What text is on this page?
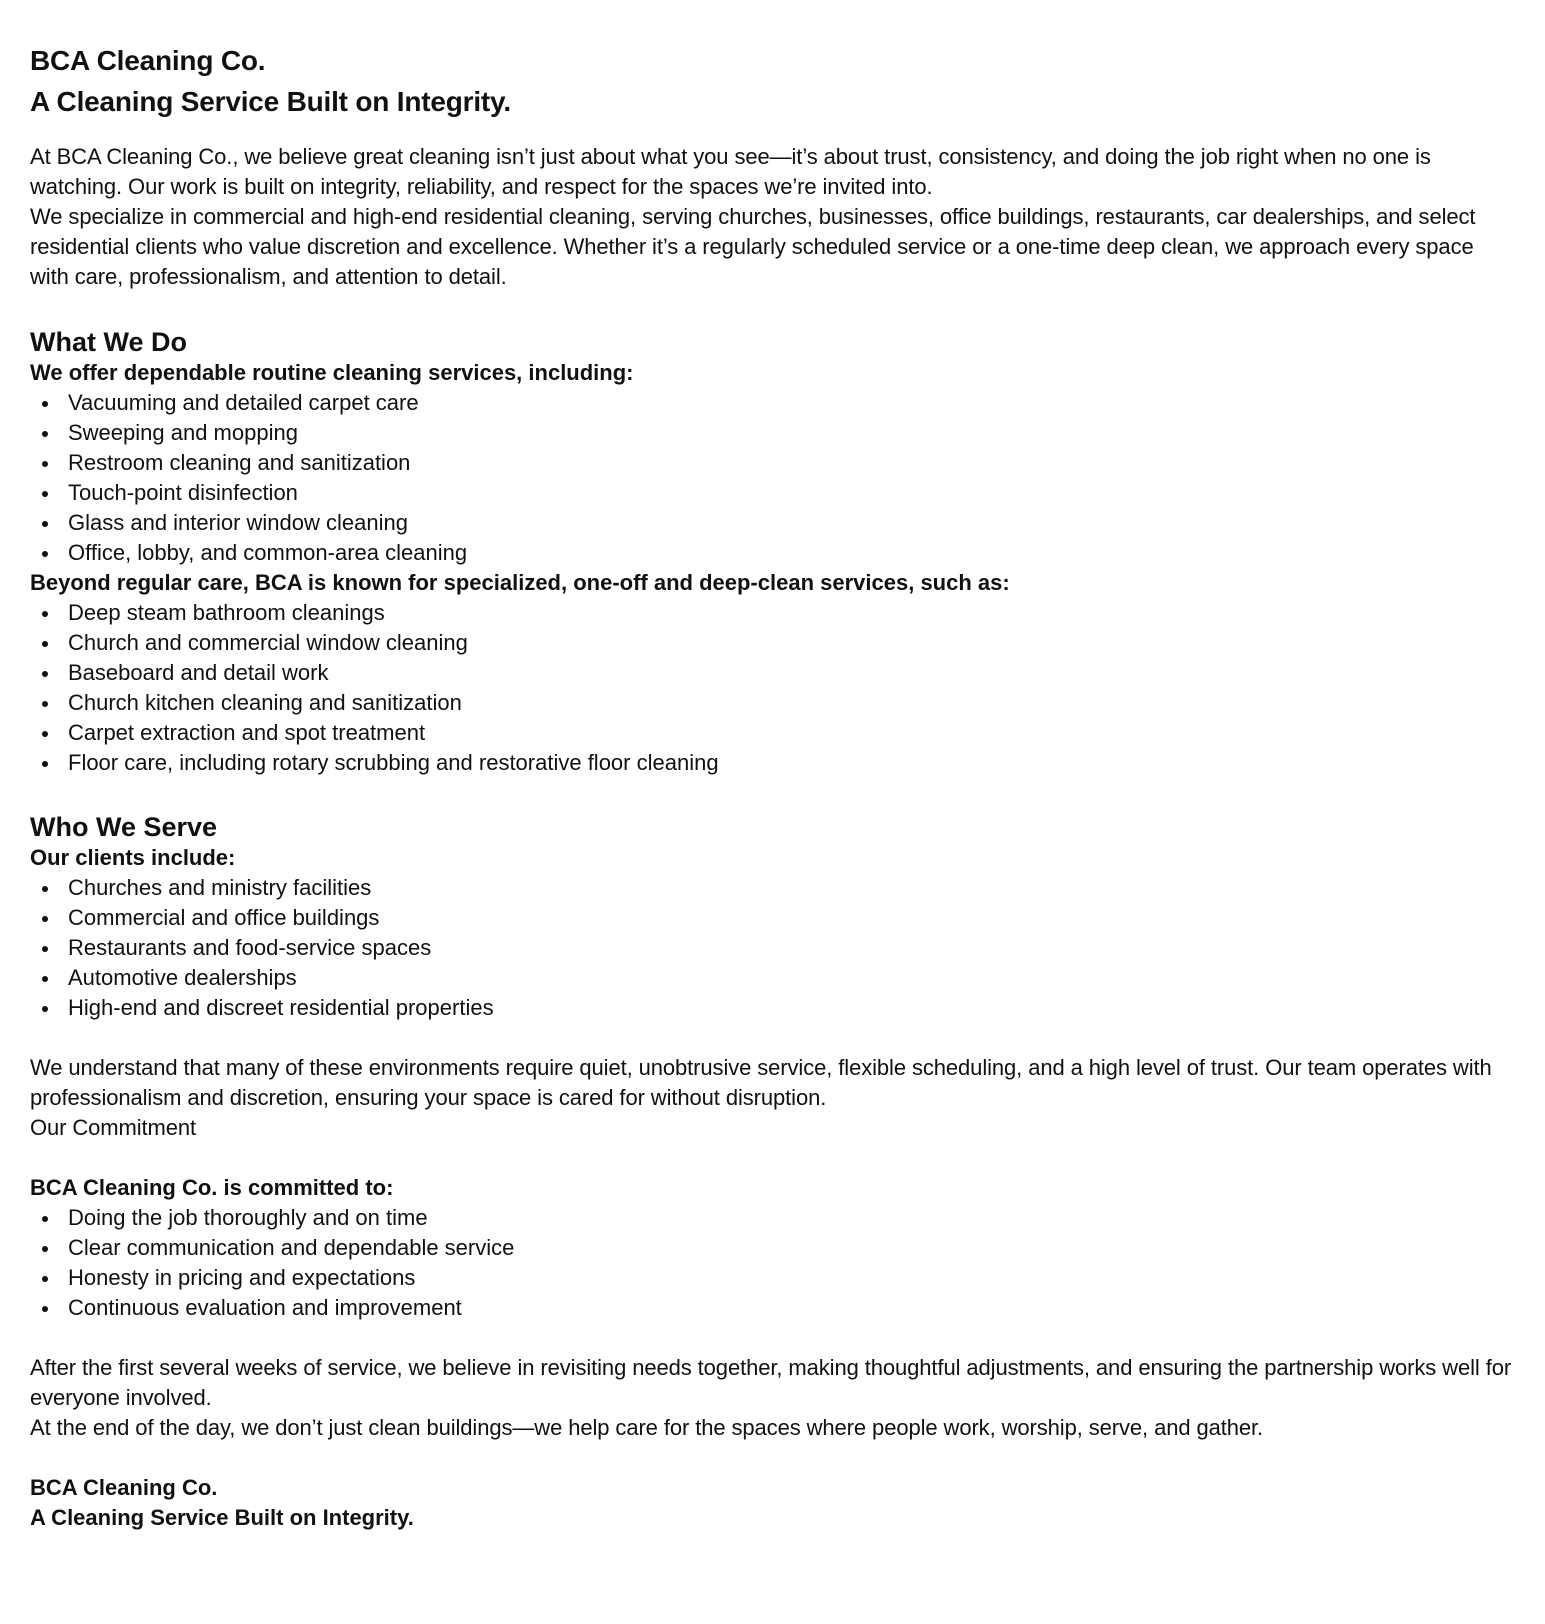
BCA Cleaning Co.

A Cleaning Service Built on Integrity.

At BCA Cleaning Co., we believe great cleaning isn’t just about what you see—it’s about trust, consistency, and doing the job right when no one is watching. Our work is built on integrity, reliability, and respect for the spaces we’re invited into.

We specialize in commercial and high-end residential cleaning, serving churches, businesses, office buildings, restaurants, car dealerships, and select residential clients who value discretion and excellence. Whether it’s a regularly scheduled service or a one-time deep clean, we approach every space with care, professionalism, and attention to detail.

What We Do

We offer dependable routine cleaning services, including:

Vacuuming and detailed carpet care
Sweeping and mopping
Restroom cleaning and sanitization
Touch-point disinfection
Glass and interior window cleaning
Office, lobby, and common-area cleaning

Beyond regular care, BCA is known for specialized, one-off and deep-clean services, such as:

Deep steam bathroom cleanings
Church and commercial window cleaning
Baseboard and detail work
Church kitchen cleaning and sanitization
Carpet extraction and spot treatment
Floor care, including rotary scrubbing and restorative floor cleaning
Who We Serve

Our clients include:

Churches and ministry facilities
Commercial and office buildings
Restaurants and food-service spaces
Automotive dealerships
High-end and discreet residential properties

We understand that many of these environments require quiet, unobtrusive service, flexible scheduling, and a high level of trust. Our team operates with professionalism and discretion, ensuring your space is cared for without disruption.

Our Commitment

BCA Cleaning Co. is committed to:

Doing the job thoroughly and on time
Clear communication and dependable service
Honesty in pricing and expectations
Continuous evaluation and improvement

After the first several weeks of service, we believe in revisiting needs together, making thoughtful adjustments, and ensuring the partnership works well for everyone involved.

At the end of the day, we don’t just clean buildings—we help care for the spaces where people work, worship, serve, and gather.

BCA Cleaning Co.

A Cleaning Service Built on Integrity.
